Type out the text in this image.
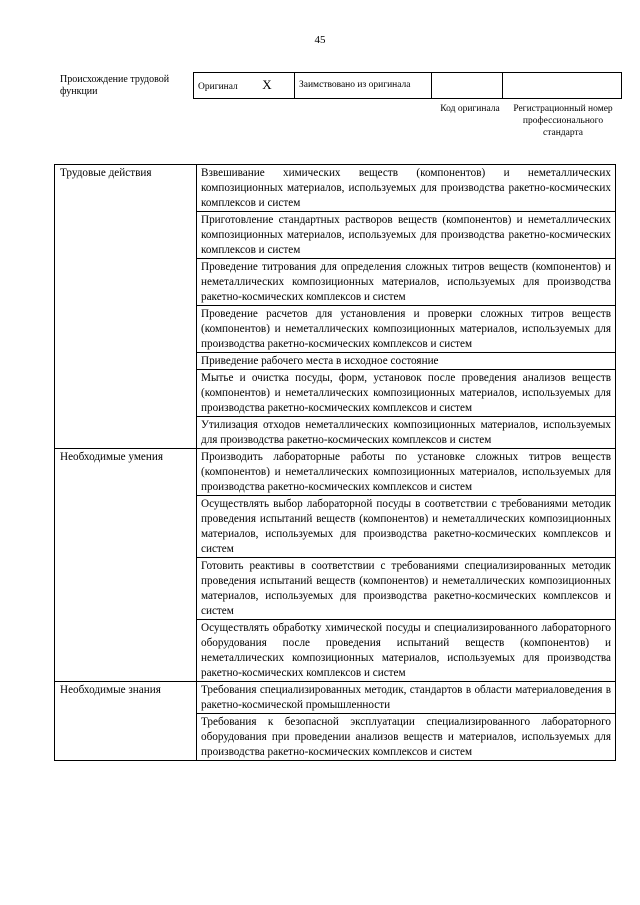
45
Происхождение трудовой функции	Оригинал X	Заимствовано из оригинала		
Код оригинала	Регистрационный номер профессионального стандарта
Трудовые действия	Взвешивание химических веществ (компонентов) и неметаллических композиционных материалов, используемых для производства ракетно-космических комплексов и систем
	Приготовление стандартных растворов веществ (компонентов) и неметаллических композиционных материалов, используемых для производства ракетно-космических комплексов и систем
	Проведение титрования для определения сложных титров веществ (компонентов) и неметаллических композиционных материалов, используемых для производства ракетно-космических комплексов и систем
	Проведение расчетов для установления и проверки сложных титров веществ (компонентов) и неметаллических композиционных материалов, используемых для производства ракетно-космических комплексов и систем
	Приведение рабочего места в исходное состояние
	Мытье и очистка посуды, форм, установок после проведения анализов веществ (компонентов) и неметаллических композиционных материалов, используемых для производства ракетно-космических комплексов и систем
	Утилизация отходов неметаллических композиционных материалов, используемых для производства ракетно-космических комплексов и систем
Необходимые умения	Производить лабораторные работы по установке сложных титров веществ (компонентов) и неметаллических композиционных материалов, используемых для производства ракетно-космических комплексов и систем
	Осуществлять выбор лабораторной посуды в соответствии с требованиями методик проведения испытаний веществ (компонентов) и неметаллических композиционных материалов, используемых для производства ракетно-космических комплексов и систем
	Готовить реактивы в соответствии с требованиями специализированных методик проведения испытаний веществ (компонентов) и неметаллических композиционных материалов, используемых для производства ракетно-космических комплексов и систем
	Осуществлять обработку химической посуды и специализированного лабораторного оборудования после проведения испытаний веществ (компонентов) и неметаллических композиционных материалов, используемых для производства ракетно-космических комплексов и систем
Необходимые знания	Требования специализированных методик, стандартов в области материаловедения в ракетно-космической промышленности
	Требования к безопасной эксплуатации специализированного лабораторного оборудования при проведении анализов веществ и материалов, используемых для производства ракетно-космических комплексов и систем
